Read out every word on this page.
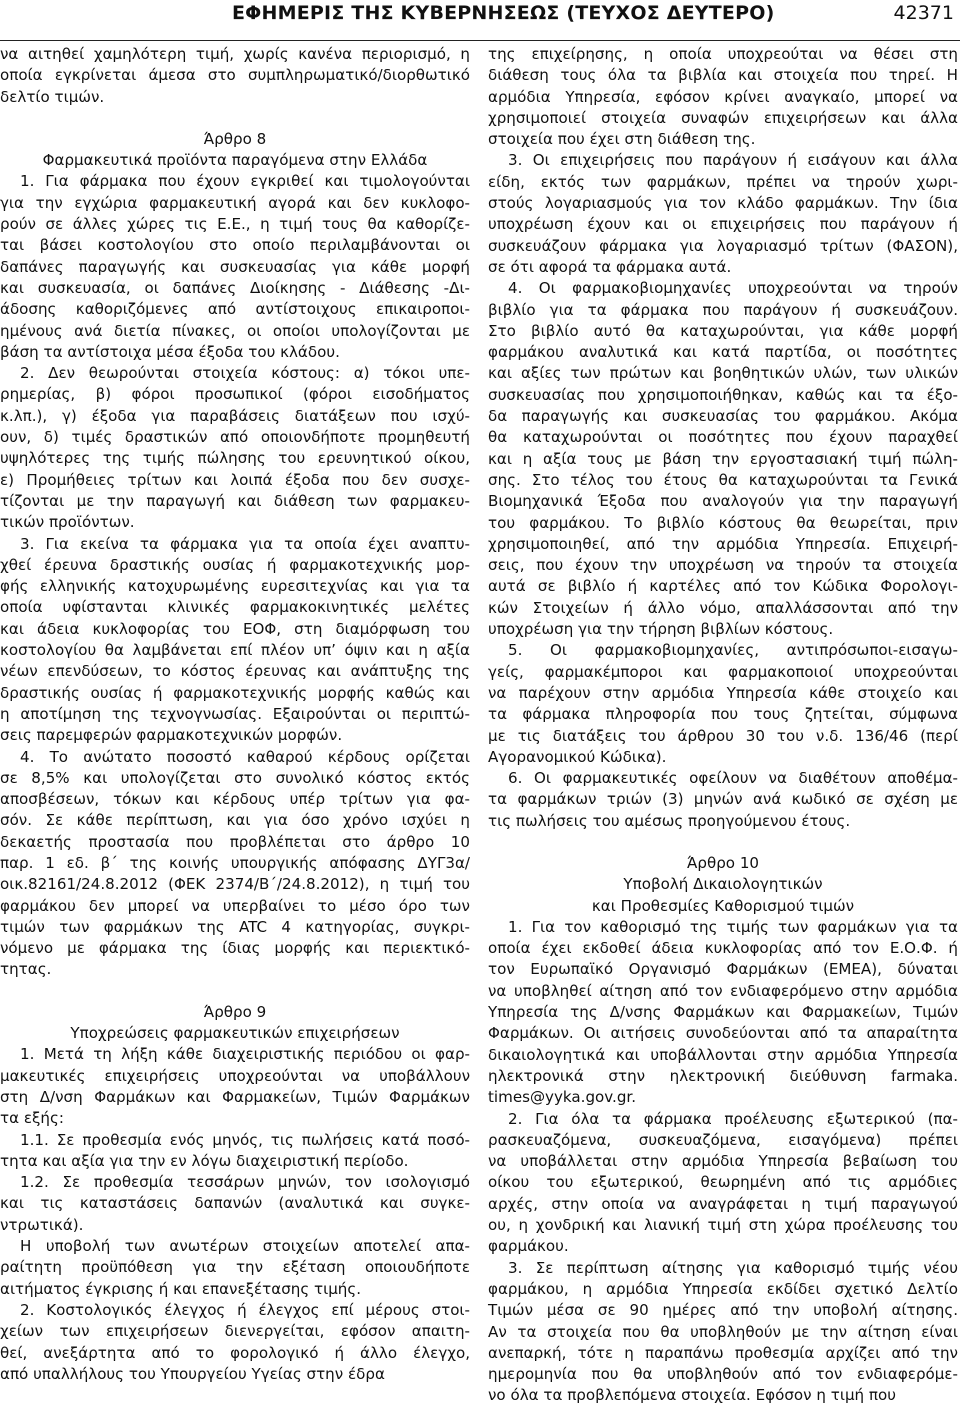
ΕΦΗΜΕΡΙΣ ΤΗΣ ΚΥΒΕΡΝΗΣΕΩΣ (ΤΕΥΧΟΣ ΔΕΥΤΕΡΟ)	42371
να αιτηθεί χαμηλότερη τιμή, χωρίς κανένα περιορισμό, η
οποία εγκρίνεται άμεσα στο συμπληρωματικό/διορθωτικό
δελτίο τιμών.
Άρθρο 8
Φαρμακευτικά προϊόντα παραγόμενα στην Ελλάδα
1. Για φάρμακα που έχουν εγκριθεί και τιμολογούνται
για την εγχώρια φαρμακευτική αγορά και δεν κυκλοφο-
ρούν σε άλλες χώρες τις Ε.Ε., η τιμή τους θα καθορίζε-
ται βάσει κοστολογίου στο οποίο περιλαμβάνονται οι
δαπάνες παραγωγής και συσκευασίας για κάθε μορφή
και συσκευασία, οι δαπάνες Διοίκησης - Διάθεσης -Δι-
άδοσης καθοριζόμενες από αντίστοιχους επικαιροποι-
ημένους ανά διετία πίνακες, οι οποίοι υπολογίζονται με
βάση τα αντίστοιχα μέσα έξοδα του κλάδου.
2. Δεν θεωρούνται στοιχεία κόστους: α) τόκοι υπε-
ρημερίας, β) φόροι προσωπικοί (φόροι εισοδήματος
κ.λπ.), γ) έξοδα για παραβάσεις διατάξεων που ισχύ-
ουν, δ) τιμές δραστικών από οποιονδήποτε προμηθευτή
υψηλότερες της τιμής πώλησης του ερευνητικού οίκου,
ε) Προμήθειες τρίτων και λοιπά έξοδα που δεν συσχε-
τίζονται με την παραγωγή και διάθεση των φαρμακευ-
τικών προϊόντων.
3. Για εκείνα τα φάρμακα για τα οποία έχει αναπτυ-
χθεί έρευνα δραστικής ουσίας ή φαρμακοτεχνικής μορ-
φής ελληνικής κατοχυρωμένης ευρεσιτεχνίας και για τα
οποία υφίστανται κλινικές φαρμακοκινητικές μελέτες
και άδεια κυκλοφορίας του ΕΟΦ, στη διαμόρφωση του
κοστολογίου θα λαμβάνεται επί πλέον υπ’ όψιν και η αξία
νέων επενδύσεων, το κόστος έρευνας και ανάπτυξης της
δραστικής ουσίας ή φαρμακοτεχνικής μορφής καθώς και
η αποτίμηση της τεχνογνωσίας. Εξαιρούνται οι περιπτώ-
σεις παρεμφερών φαρμακοτεχνικών μορφών.
4. Το ανώτατο ποσοστό καθαρού κέρδους ορίζεται
σε 8,5% και υπολογίζεται στο συνολικό κόστος εκτός
αποσβέσεων, τόκων και κέρδους υπέρ τρίτων για φα-
σόν. Σε κάθε περίπτωση, και για όσο χρόνο ισχύει η
δεκαετής προστασία που προβλέπεται στο άρθρο 10
παρ. 1 εδ. β΄ της κοινής υπουργικής απόφασης ΔΥΓ3α/
οικ.82161/24.8.2012 (ΦΕΚ 2374/Β΄/24.8.2012), η τιμή του
φαρμάκου δεν μπορεί να υπερβαίνει το μέσο όρο των
τιμών των φαρμάκων της ATC 4 κατηγορίας, συγκρι-
νόμενο με φάρμακα της ίδιας μορφής και περιεκτικό-
τητας.
Άρθρο 9
Υποχρεώσεις φαρμακευτικών επιχειρήσεων
1. Μετά τη λήξη κάθε διαχειριστικής περιόδου οι φαρ-
μακευτικές επιχειρήσεις υποχρεούνται να υποβάλλουν
στη Δ/νση Φαρμάκων και Φαρμακείων, Τιμών Φαρμάκων
τα εξής:
1.1. Σε προθεσμία ενός μηνός, τις πωλήσεις κατά ποσό-
τητα και αξία για την εν λόγω διαχειριστική περίοδο.
1.2. Σε προθεσμία τεσσάρων μηνών, τον ισολογισμό
και τις καταστάσεις δαπανών (αναλυτικά και συγκε-
ντρωτικά).
Η υποβολή των ανωτέρων στοιχείων αποτελεί απα-
ραίτητη προϋπόθεση για την εξέταση οποιουδήποτε
αιτήματος έγκρισης ή και επανεξέτασης τιμής.
2. Κοστολογικός έλεγχος ή έλεγχος επί μέρους στοι-
χείων των επιχειρήσεων διενεργείται, εφόσον απαιτη-
θεί, ανεξάρτητα από το φορολογικό ή άλλο έλεγχο,
από υπαλλήλους του Υπουργείου Υγείας στην έδρα
της επιχείρησης, η οποία υποχρεούται να θέσει στη
διάθεση τους όλα τα βιβλία και στοιχεία που τηρεί. Η
αρμόδια Υπηρεσία, εφόσον κρίνει αναγκαίο, μπορεί να
χρησιμοποιεί στοιχεία συναφών επιχειρήσεων και άλλα
στοιχεία που έχει στη διάθεση της.
3. Οι επιχειρήσεις που παράγουν ή εισάγουν και άλλα
είδη, εκτός των φαρμάκων, πρέπει να τηρούν χωρι-
στούς λογαριασμούς για τον κλάδο φαρμάκων. Την ίδια
υποχρέωση έχουν και οι επιχειρήσεις που παράγουν ή
συσκευάζουν φάρμακα για λογαριασμό τρίτων (ΦΑΣΟΝ),
σε ότι αφορά τα φάρμακα αυτά.
4. Οι φαρμακοβιομηχανίες υποχρεούνται να τηρούν
βιβλίο για τα φάρμακα που παράγουν ή συσκευάζουν.
Στο βιβλίο αυτό θα καταχωρούνται, για κάθε μορφή
φαρμάκου αναλυτικά και κατά παρτίδα, οι ποσότητες
και αξίες των πρώτων και βοηθητικών υλών, των υλικών
συσκευασίας που χρησιμοποιήθηκαν, καθώς και τα έξο-
δα παραγωγής και συσκευασίας του φαρμάκου. Ακόμα
θα καταχωρούνται οι ποσότητες που έχουν παραχθεί
και η αξία τους με βάση την εργοστασιακή τιμή πώλη-
σης. Στο τέλος του έτους θα καταχωρούνται τα Γενικά
Βιομηχανικά Έξοδα που αναλογούν για την παραγωγή
του φαρμάκου. Το βιβλίο κόστους θα θεωρείται, πριν
χρησιμοποιηθεί, από την αρμόδια Υπηρεσία. Επιχειρή-
σεις, που έχουν την υποχρέωση να τηρούν τα στοιχεία
αυτά σε βιβλίο ή καρτέλες από τον Κώδικα Φορολογι-
κών Στοιχείων ή άλλο νόμο, απαλλάσσονται από την
υποχρέωση για την τήρηση βιβλίων κόστους.
5. Οι φαρμακοβιομηχανίες, αντιπρόσωποι-εισαγω-
γείς, φαρμακέμποροι και φαρμακοποιοί υποχρεούνται
να παρέχουν στην αρμόδια Υπηρεσία κάθε στοιχείο και
τα φάρμακα πληροφορία που τους ζητείται, σύμφωνα
με τις διατάξεις του άρθρου 30 του ν.δ. 136/46 (περί
Αγορανομικού Κώδικα).
6. Οι φαρμακευτικές οφείλουν να διαθέτουν αποθέμα-
τα φαρμάκων τριών (3) μηνών ανά κωδικό σε σχέση με
τις πωλήσεις του αμέσως προηγούμενου έτους.
Άρθρο 10
Υποβολή Δικαιολογητικών
και Προθεσμίες Καθορισμού τιμών
1. Για τον καθορισμό της τιμής των φαρμάκων για τα
οποία έχει εκδοθεί άδεια κυκλοφορίας από τον Ε.Ο.Φ. ή
τον Ευρωπαϊκό Οργανισμό Φαρμάκων (ΕΜΕΑ), δύναται
να υποβληθεί αίτηση από τον ενδιαφερόμενο στην αρμόδια
Υπηρεσία της Δ/νσης Φαρμάκων και Φαρμακείων, Τιμών
Φαρμάκων. Οι αιτήσεις συνοδεύονται από τα απαραίτητα
δικαιολογητικά και υποβάλλονται στην αρμόδια Υπηρεσία
ηλεκτρονικά στην ηλεκτρονική διεύθυνση farmaka.
times@yyka.gov.gr.
2. Για όλα τα φάρμακα προέλευσης εξωτερικού (πα-
ρασκευαζόμενα, συσκευαζόμενα, εισαγόμενα) πρέπει
να υποβάλλεται στην αρμόδια Υπηρεσία βεβαίωση του
οίκου του εξωτερικού, θεωρημένη από τις αρμόδιες
αρχές, στην οποία να αναγράφεται η τιμή παραγωγού
ου, η χονδρική και λιανική τιμή στη χώρα προέλευσης του
φαρμάκου.
3. Σε περίπτωση αίτησης για καθορισμό τιμής νέου
φαρμάκου, η αρμόδια Υπηρεσία εκδίδει σχετικό Δελτίο
Τιμών μέσα σε 90 ημέρες από την υποβολή αίτησης.
Αν τα στοιχεία που θα υποβληθούν με την αίτηση είναι
ανεπαρκή, τότε η παραπάνω προθεσμία αρχίζει από την
ημερομηνία που θα υποβληθούν από τον ενδιαφερόμε-
νο όλα τα προβλεπόμενα στοιχεία. Εφόσον η τιμή που
